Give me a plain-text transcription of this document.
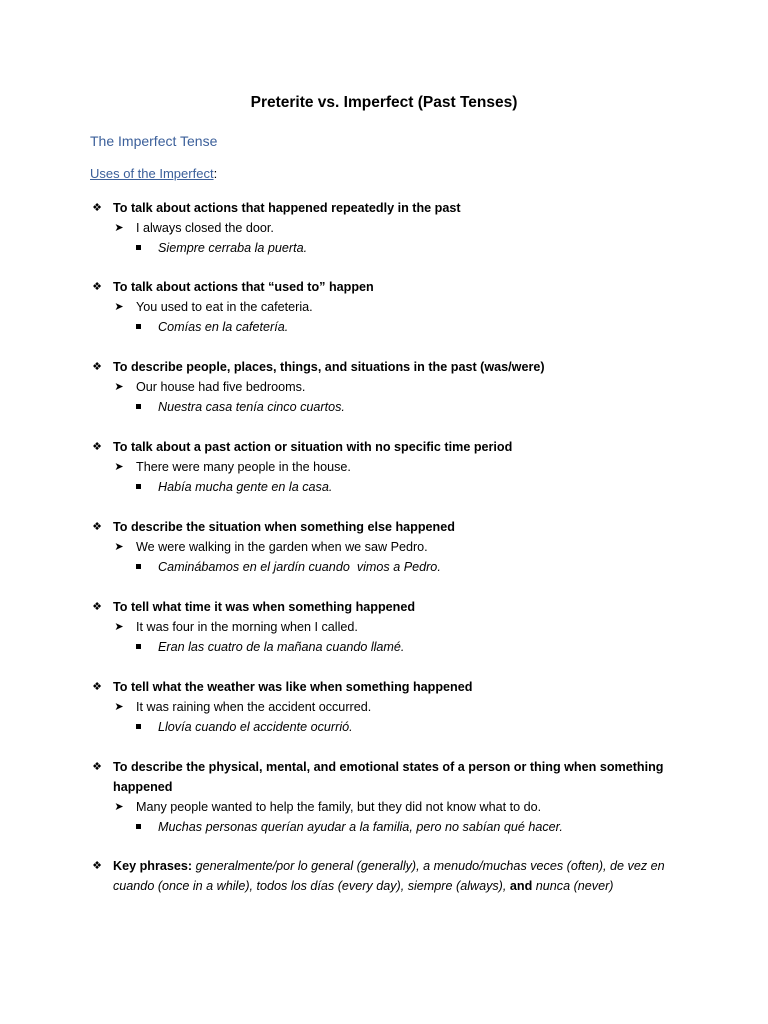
Preterite vs. Imperfect (Past Tenses)
The Imperfect Tense
Uses of the Imperfect:
❖ To talk about actions that happened repeatedly in the past
➤ I always closed the door.
Siempre cerraba la puerta.
❖ To talk about actions that “used to” happen
➤ You used to eat in the cafeteria.
Comías en la cafetería.
❖ To describe people, places, things, and situations in the past (was/were)
➤ Our house had five bedrooms.
Nuestra casa tenía cinco cuartos.
❖ To talk about a past action or situation with no specific time period
➤ There were many people in the house.
Había mucha gente en la casa.
❖ To describe the situation when something else happened
➤ We were walking in the garden when we saw Pedro.
Caminábamos en el jardín cuando  vimos a Pedro.
❖ To tell what time it was when something happened
➤ It was four in the morning when I called.
Eran las cuatro de la mañana cuando llamé.
❖ To tell what the weather was like when something happened
➤ It was raining when the accident occurred.
Llovía cuando el accidente ocurrió.
❖ To describe the physical, mental, and emotional states of a person or thing when something happened
➤ Many people wanted to help the family, but they did not know what to do.
Muchas personas querían ayudar a la familia, pero no sabían qué hacer.
❖ Key phrases: generalmente/por lo general (generally), a menudo/muchas veces (often), de vez en
cuando (once in a while), todos los días (every day), siempre (always), and nunca (never)
